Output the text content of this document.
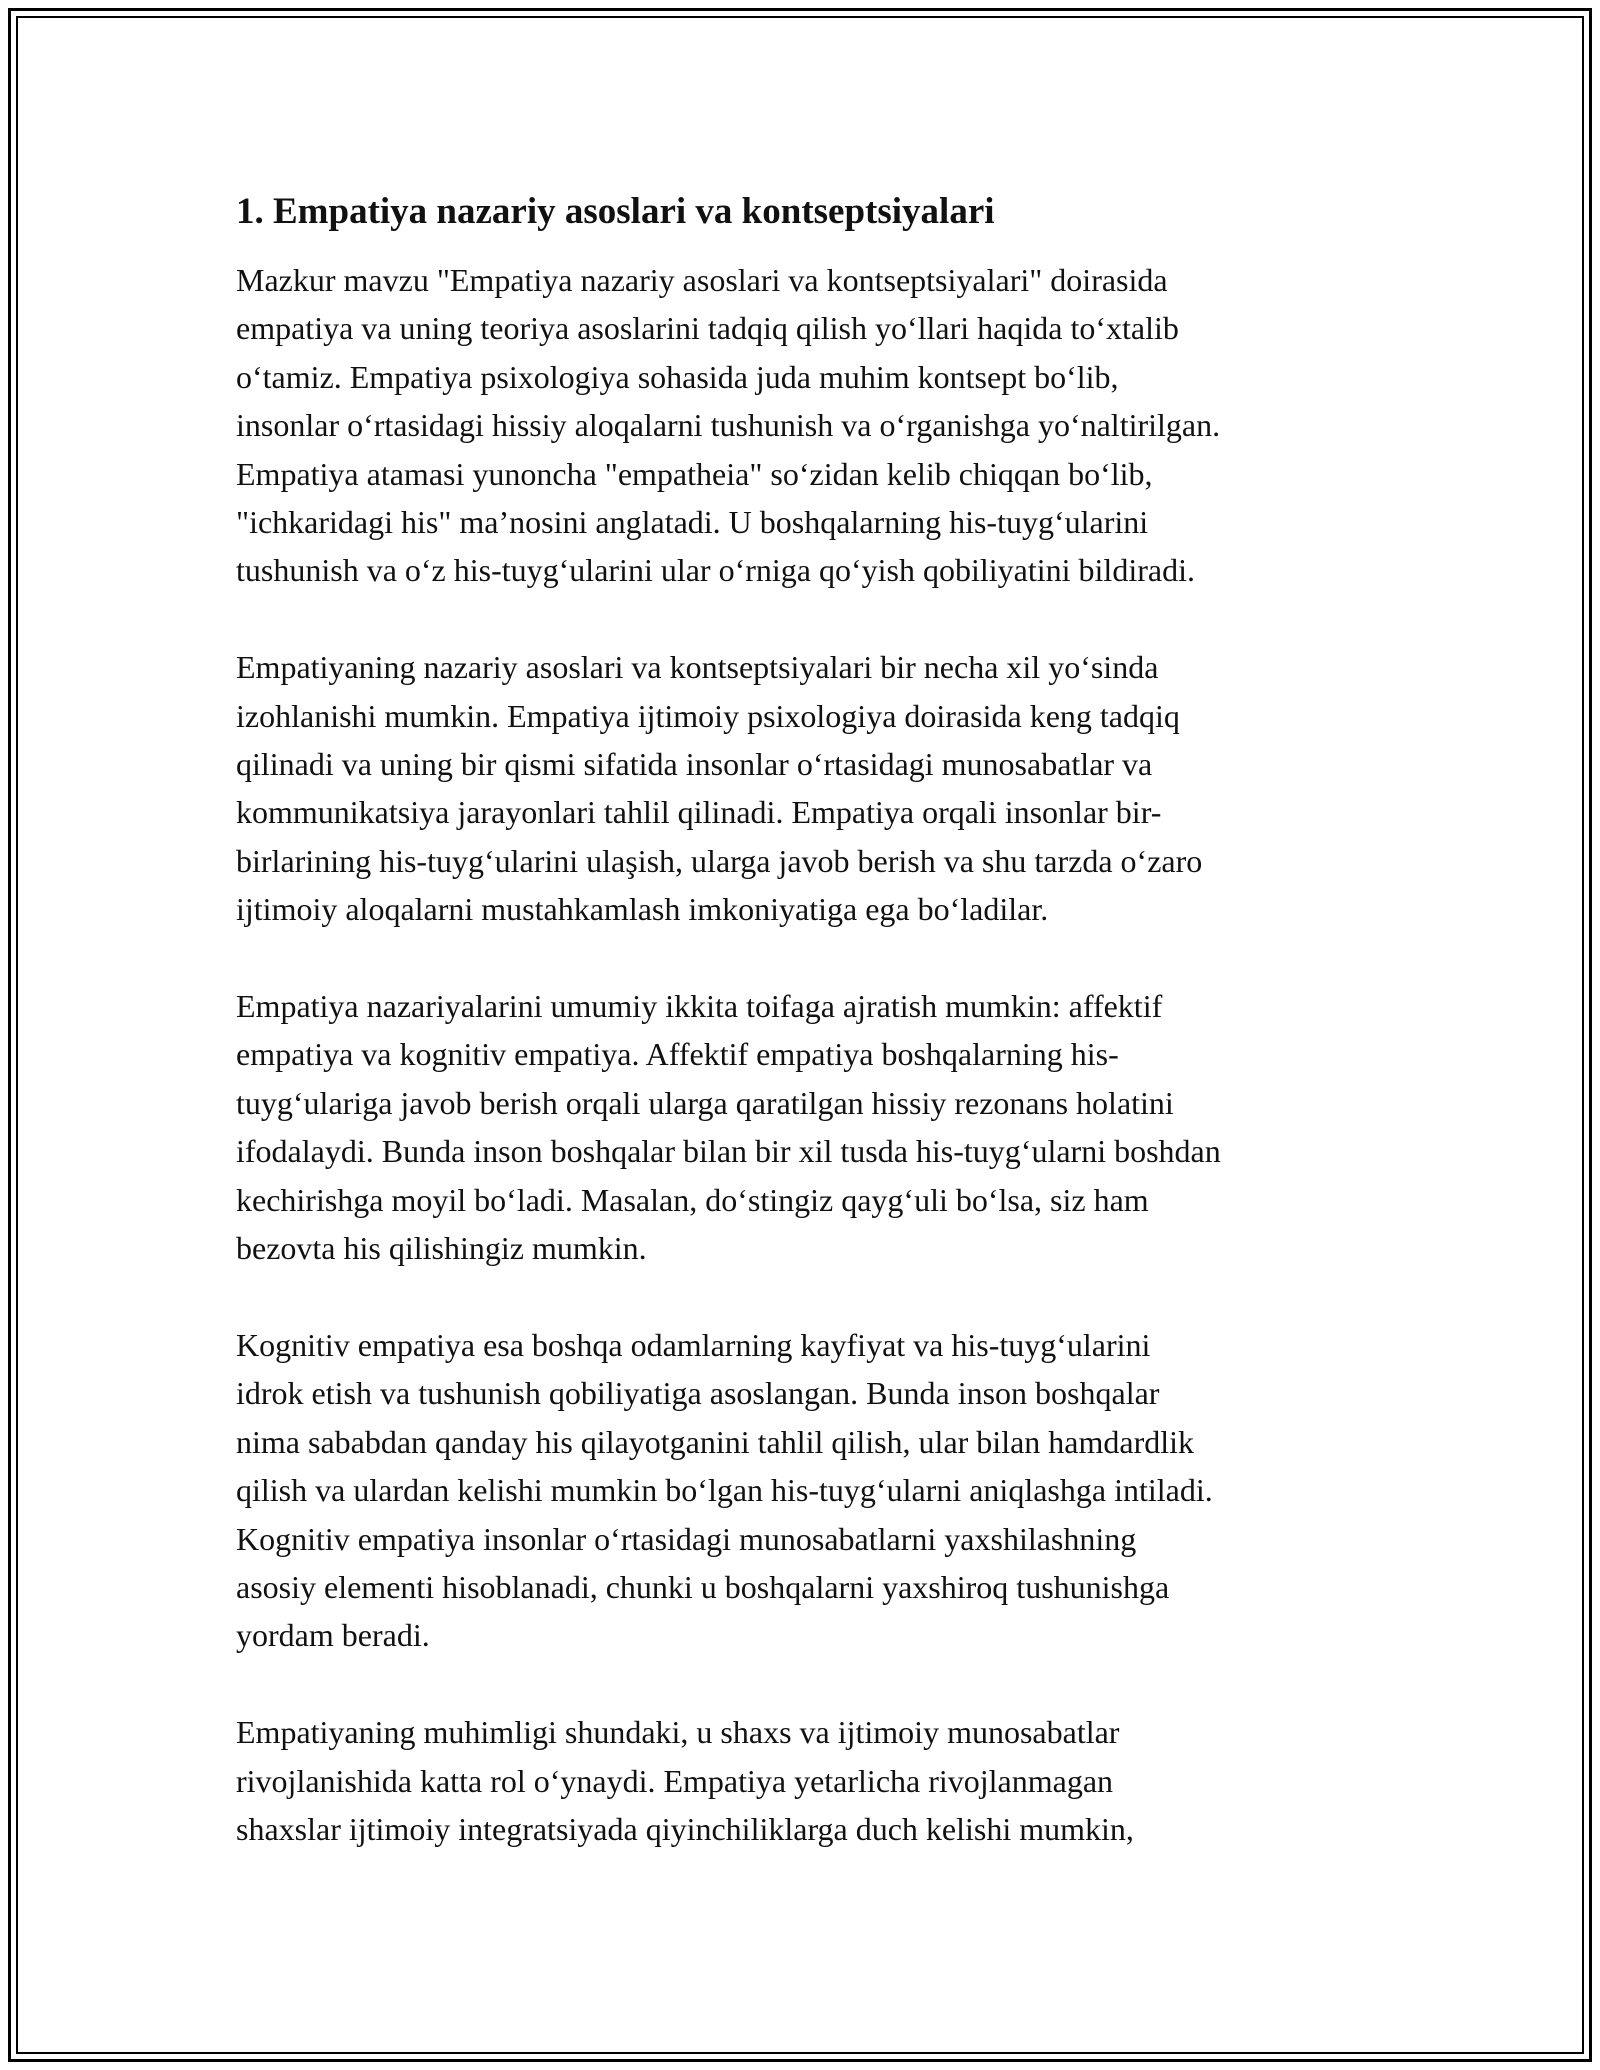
1. Empatiya nazariy asoslari va kontseptsiyalari

Mazkur mavzu "Empatiya nazariy asoslari va kontseptsiyalari" doirasida
empatiya va uning teoriya asoslarini tadqiq qilish yo‘llari haqida to‘xtalib
o‘tamiz. Empatiya psixologiya sohasida juda muhim kontsept bo‘lib,
insonlar o‘rtasidagi hissiy aloqalarni tushunish va o‘rganishga yo‘naltirilgan.
Empatiya atamasi yunoncha "empatheia" so‘zidan kelib chiqqan bo‘lib,
"ichkaridagi his" ma’nosini anglatadi. U boshqalarning his-tuyg‘ularini
tushunish va o‘z his-tuyg‘ularini ular o‘rniga qo‘yish qobiliyatini bildiradi.

Empatiyaning nazariy asoslari va kontseptsiyalari bir necha xil yo‘sinda
izohlanishi mumkin. Empatiya ijtimoiy psixologiya doirasida keng tadqiq
qilinadi va uning bir qismi sifatida insonlar o‘rtasidagi munosabatlar va
kommunikatsiya jarayonlari tahlil qilinadi. Empatiya orqali insonlar bir-
birlarining his-tuyg‘ularini ulaşish, ularga javob berish va shu tarzda o‘zaro
ijtimoiy aloqalarni mustahkamlash imkoniyatiga ega bo‘ladilar.

Empatiya nazariyalarini umumiy ikkita toifaga ajratish mumkin: affektif
empatiya va kognitiv empatiya. Affektif empatiya boshqalarning his-
tuyg‘ulariga javob berish orqali ularga qaratilgan hissiy rezonans holatini
ifodalaydi. Bunda inson boshqalar bilan bir xil tusda his-tuyg‘ularni boshdan
kechirishga moyil bo‘ladi. Masalan, do‘stingiz qayg‘uli bo‘lsa, siz ham
bezovta his qilishingiz mumkin.

Kognitiv empatiya esa boshqa odamlarning kayfiyat va his-tuyg‘ularini
idrok etish va tushunish qobiliyatiga asoslangan. Bunda inson boshqalar
nima sababdan qanday his qilayotganini tahlil qilish, ular bilan hamdardlik
qilish va ulardan kelishi mumkin bo‘lgan his-tuyg‘ularni aniqlashga intiladi.
Kognitiv empatiya insonlar o‘rtasidagi munosabatlarni yaxshilashning
asosiy elementi hisoblanadi, chunki u boshqalarni yaxshiroq tushunishga
yordam beradi.

Empatiyaning muhimligi shundaki, u shaxs va ijtimoiy munosabatlar
rivojlanishida katta rol o‘ynaydi. Empatiya yetarlicha rivojlanmagan
shaxslar ijtimoiy integratsiyada qiyinchiliklarga duch kelishi mumkin,
